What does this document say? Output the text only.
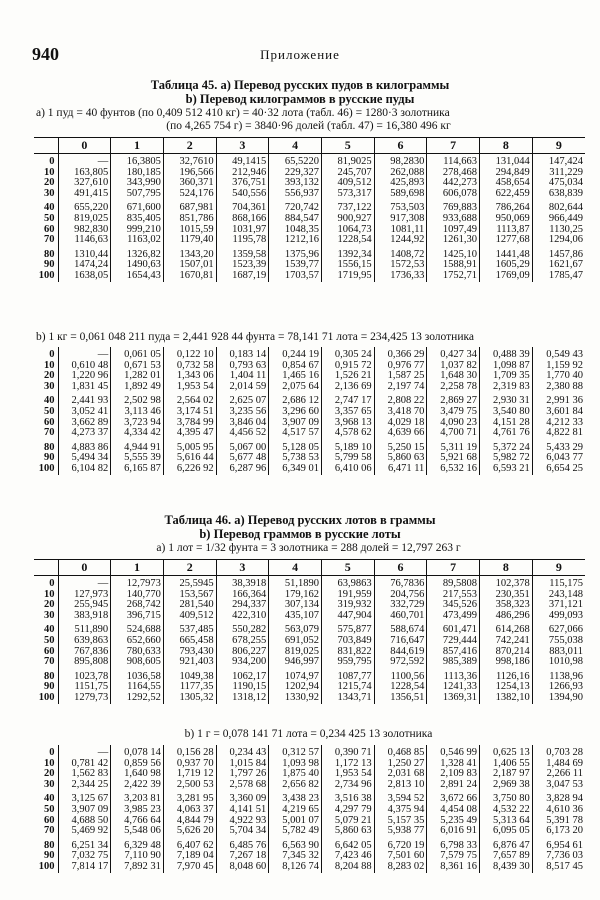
940	Приложение
Таблица 45. a) Перевод русских пудов в килограммы
b) Перевод килограммов в русские пуды
a) 1 пуд = 40 фунтов (по 0,409 512 410 кг) = 40·32 лота (табл. 46) = 1280·3 золотника
(по 4,265 754 г) = 3840·96 долей (табл. 47) = 16,380 496 кг
	0	1	2	3	4	5	6	7	8	9
0	—	16,3805	32,7610	49,1415	65,5220	81,9025	98,2830	114,663	131,044	147,424
10	163,805	180,185	196,566	212,946	229,327	245,707	262,088	278,468	294,849	311,229
20	327,610	343,990	360,371	376,751	393,132	409,512	425,893	442,273	458,654	475,034
30	491,415	507,795	524,176	540,556	556,937	573,317	589,698	606,078	622,459	638,839
40	655,220	671,600	687,981	704,361	720,742	737,122	753,503	769,883	786,264	802,644
50	819,025	835,405	851,786	868,166	884,547	900,927	917,308	933,688	950,069	966,449
60	982,830	999,210	1015,59	1031,97	1048,35	1064,73	1081,11	1097,49	1113,87	1130,25
70	1146,63	1163,02	1179,40	1195,78	1212,16	1228,54	1244,92	1261,30	1277,68	1294,06
80	1310,44	1326,82	1343,20	1359,58	1375,96	1392,34	1408,72	1425,10	1441,48	1457,86
90	1474,24	1490,63	1507,01	1523,39	1539,77	1556,15	1572,53	1588,91	1605,29	1621,67
100	1638,05	1654,43	1670,81	1687,19	1703,57	1719,95	1736,33	1752,71	1769,09	1785,47
b) 1 кг = 0,061 048 211 пуда = 2,441 928 44 фунта = 78,141 71 лота = 234,425 13 золотника
0	—	0,061 05	0,122 10	0,183 14	0,244 19	0,305 24	0,366 29	0,427 34	0,488 39	0,549 43
10	0,610 48	0,671 53	0,732 58	0,793 63	0,854 67	0,915 72	0,976 77	1,037 82	1,098 87	1,159 92
20	1,220 96	1,282 01	1,343 06	1,404 11	1,465 16	1,526 21	1,587 25	1,648 30	1,709 35	1,770 40
30	1,831 45	1,892 49	1,953 54	2,014 59	2,075 64	2,136 69	2,197 74	2,258 78	2,319 83	2,380 88
40	2,441 93	2,502 98	2,564 02	2,625 07	2,686 12	2,747 17	2,808 22	2,869 27	2,930 31	2,991 36
50	3,052 41	3,113 46	3,174 51	3,235 56	3,296 60	3,357 65	3,418 70	3,479 75	3,540 80	3,601 84
60	3,662 89	3,723 94	3,784 99	3,846 04	3,907 09	3,968 13	4,029 18	4,090 23	4,151 28	4,212 33
70	4,273 37	4,334 42	4,395 47	4,456 52	4,517 57	4,578 62	4,639 66	4,700 71	4,761 76	4,822 81
80	4,883 86	4,944 91	5,005 95	5,067 00	5,128 05	5,189 10	5,250 15	5,311 19	5,372 24	5,433 29
90	5,494 34	5,555 39	5,616 44	5,677 48	5,738 53	5,799 58	5,860 63	5,921 68	5,982 72	6,043 77
100	6,104 82	6,165 87	6,226 92	6,287 96	6,349 01	6,410 06	6,471 11	6,532 16	6,593 21	6,654 25
Таблица 46. a) Перевод русских лотов в граммы
b) Перевод граммов в русские лоты
a) 1 лот = 1/32 фунта = 3 золотника = 288 долей = 12,797 263 г
	0	1	2	3	4	5	6	7	8	9
0	—	12,7973	25,5945	38,3918	51,1890	63,9863	76,7836	89,5808	102,378	115,175
10	127,973	140,770	153,567	166,364	179,162	191,959	204,756	217,553	230,351	243,148
20	255,945	268,742	281,540	294,337	307,134	319,932	332,729	345,526	358,323	371,121
30	383,918	396,715	409,512	422,310	435,107	447,904	460,701	473,499	486,296	499,093
40	511,890	524,688	537,485	550,282	563,079	575,877	588,674	601,471	614,268	627,066
50	639,863	652,660	665,458	678,255	691,052	703,849	716,647	729,444	742,241	755,038
60	767,836	780,633	793,430	806,227	819,025	831,822	844,619	857,416	870,214	883,011
70	895,808	908,605	921,403	934,200	946,997	959,795	972,592	985,389	998,186	1010,98
80	1023,78	1036,58	1049,38	1062,17	1074,97	1087,77	1100,56	1113,36	1126,16	1138,96
90	1151,75	1164,55	1177,35	1190,15	1202,94	1215,74	1228,54	1241,33	1254,13	1266,93
100	1279,73	1292,52	1305,32	1318,12	1330,92	1343,71	1356,51	1369,31	1382,10	1394,90
b) 1 г = 0,078 141 71 лота = 0,234 425 13 золотника
0	—	0,078 14	0,156 28	0,234 43	0,312 57	0,390 71	0,468 85	0,546 99	0,625 13	0,703 28
10	0,781 42	0,859 56	0,937 70	1,015 84	1,093 98	1,172 13	1,250 27	1,328 41	1,406 55	1,484 69
20	1,562 83	1,640 98	1,719 12	1,797 26	1,875 40	1,953 54	2,031 68	2,109 83	2,187 97	2,266 11
30	2,344 25	2,422 39	2,500 53	2,578 68	2,656 82	2,734 96	2,813 10	2,891 24	2,969 38	3,047 53
40	3,125 67	3,203 81	3,281 95	3,360 09	3,438 23	3,516 38	3,594 52	3,672 66	3,750 80	3,828 94
50	3,907 09	3,985 23	4,063 37	4,141 51	4,219 65	4,297 79	4,375 94	4,454 08	4,532 22	4,610 36
60	4,688 50	4,766 64	4,844 79	4,922 93	5,001 07	5,079 21	5,157 35	5,235 49	5,313 64	5,391 78
70	5,469 92	5,548 06	5,626 20	5,704 34	5,782 49	5,860 63	5,938 77	6,016 91	6,095 05	6,173 20
80	6,251 34	6,329 48	6,407 62	6,485 76	6,563 90	6,642 05	6,720 19	6,798 33	6,876 47	6,954 61
90	7,032 75	7,110 90	7,189 04	7,267 18	7,345 32	7,423 46	7,501 60	7,579 75	7,657 89	7,736 03
100	7,814 17	7,892 31	7,970 45	8,048 60	8,126 74	8,204 88	8,283 02	8,361 16	8,439 30	8,517 45
